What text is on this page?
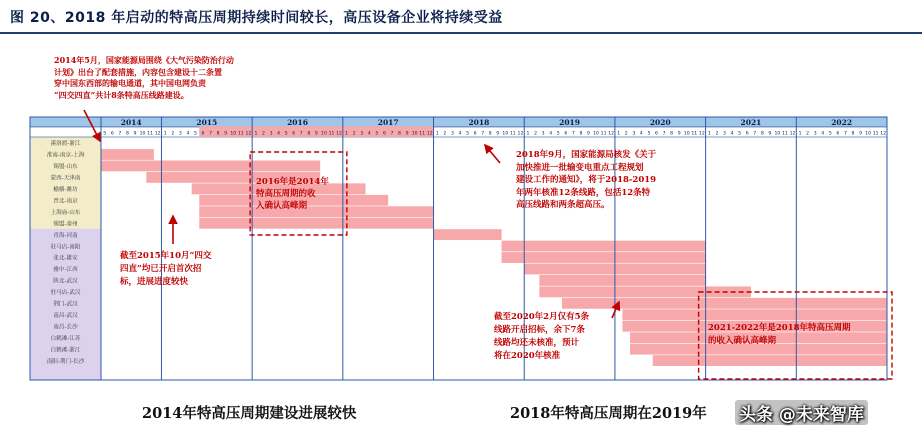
图 20、2018 年启动的特高压周期持续时间较长，高压设备企业将持续受益
2014	2015	2016	2017	2018	2019	2020	2021	2022
5 6 7 8 9 10 11 12 1 2 3 4 5 6 7 8 9 10 11 12 1 2 3 4 5 6 7 8 9 10 11 12 1 2 3 4 5 6 7 8 9 10 11 12 1 2 3 4 5 6 7 8 9 10 11 12 1 2 3 4 5 6 7 8 9 10 11 12 1 2 3 4 5 6 7 8 9 10 11 12 1 2 3 4 5 6 7 8 9 10 11 12 1 2 3 4 5 6 7 8 9 10 11 12
溪洛渡-浙江
淮南-南京-上海
锡盟-山东
蒙西-天津南
榆横-潍坊
晋北-南京
上海庙-山东
锡盟-泰州
青海-河南
驻马店-南阳
张北-雄安
雅中-江西
陕北-武汉
驻马店-武汉
荆门-武汉
南昌-武汉
南昌-长沙
白鹤滩-江苏
白鹤滩-浙江
南阳-荆门-长沙
2014年5月，国家能源局围绕《大气污染防治行动
计划》出台了配套措施，内容包含建设十二条置
穿中国东西部的输电通道，其中国电网负责
“四交四直”共计8条特高压线路建设。
2016年是2014年
特高压周期的收
入确认高峰期
截至2015年10月“四交
四直”均已开启首次招
标，进展进度较快
2018年9月，国家能源局核发《关于
加快推进一批输变电重点工程规划
建设工作的通知》，将于2018-2019
年两年核准12条线路，包括12条特
高压线路和两条超高压。
截至2020年2月仅有5条
线路开启招标，余下7条
线路均还未核准，预计
将在2020年核准
2021-2022年是2018年特高压周期
的收入确认高峰期
2014年特高压周期建设进展较快	2018年特高压周期在2019年 头条 @未来智库
